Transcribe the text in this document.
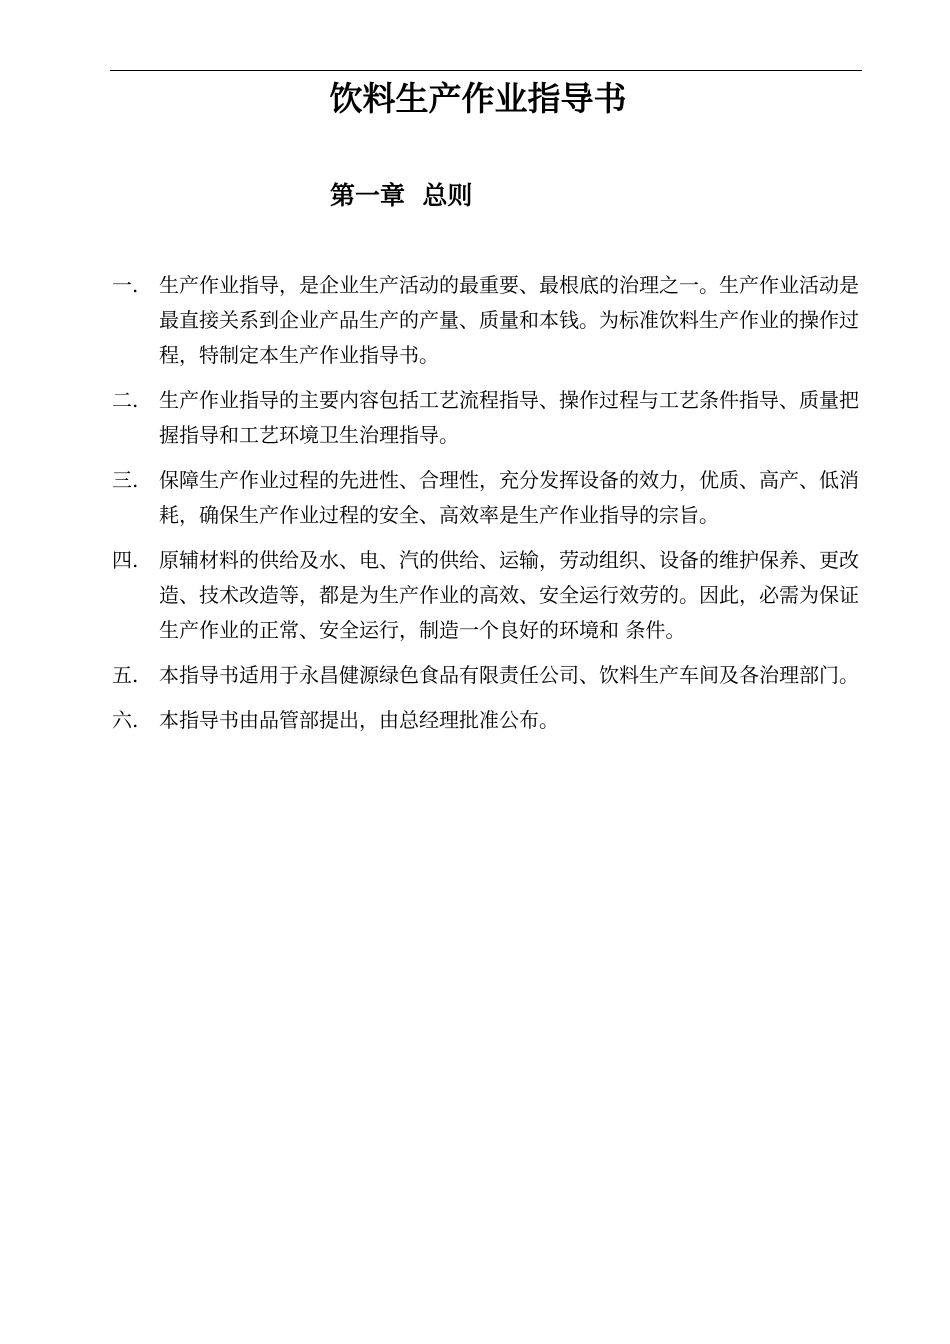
饮料生产作业指导书
第一章  总则
一.	生产作业指导，是企业生产活动的最重要、最根底的治理之一。生产作业活动是最直接关系到企业产品生产的产量、质量和本钱。为标准饮料生产作业的操作过程，特制定本生产作业指导书。
二.	生产作业指导的主要内容包括工艺流程指导、操作过程与工艺条件指导、质量把握指导和工艺环境卫生治理指导。
三.	保障生产作业过程的先进性、合理性，充分发挥设备的效力，优质、高产、低消耗，确保生产作业过程的安全、高效率是生产作业指导的宗旨。
四.	原辅材料的供给及水、电、汽的供给、运输，劳动组织、设备的维护保养、更改造、技术改造等，都是为生产作业的高效、安全运行效劳的。因此，必需为保证生产作业的正常、安全运行，制造一个良好的环境和 条件。
五.	本指导书适用于永昌健源绿色食品有限责任公司、饮料生产车间及各治理部门。
六.	本指导书由品管部提出，由总经理批准公布。
